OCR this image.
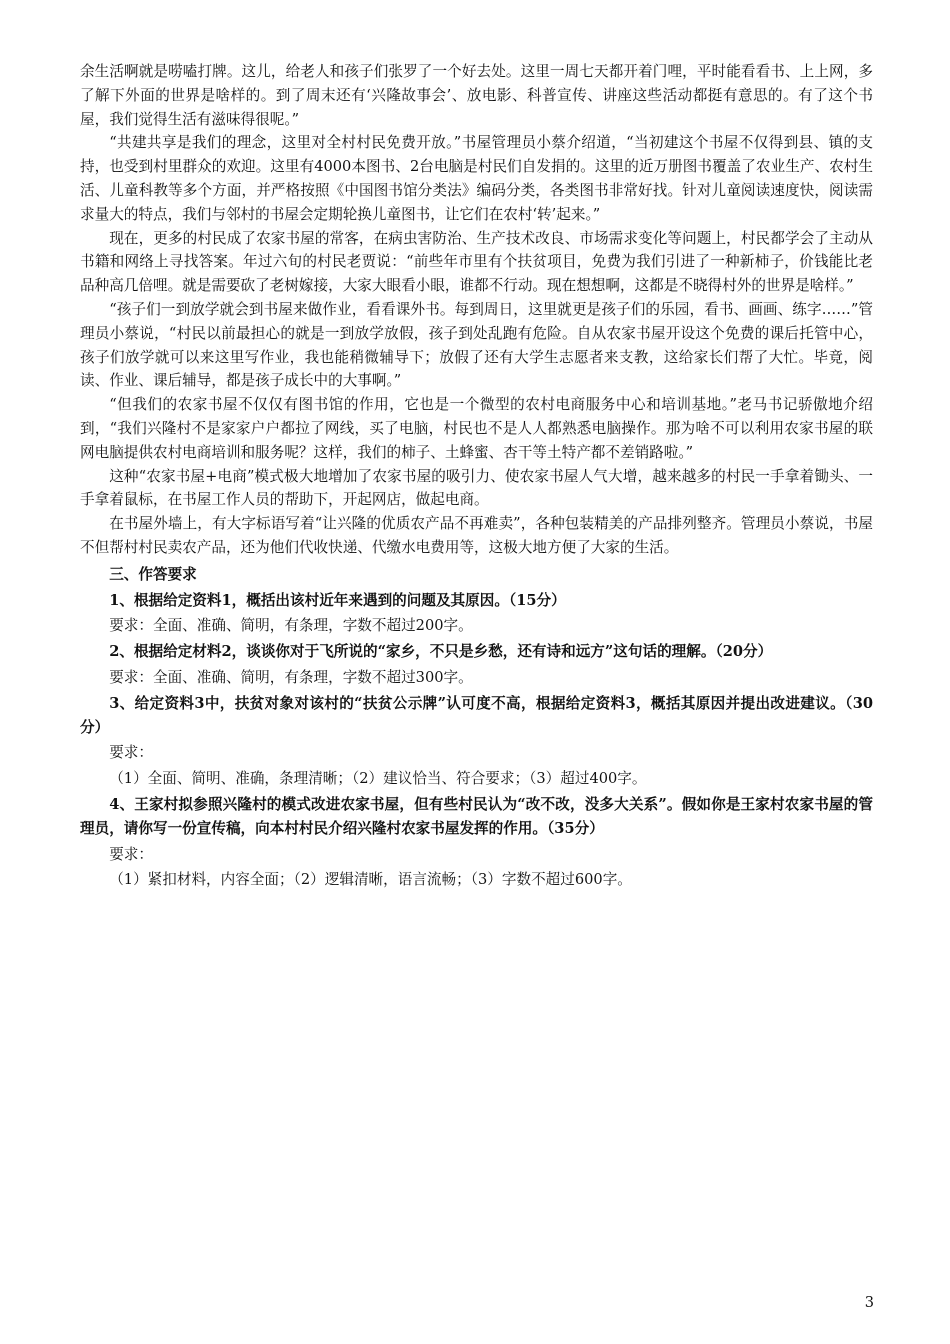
余生活啊就是唠嗑打牌。这儿，给老人和孩子们张罗了一个好去处。这里一周七天都开着门哩，平时能看看书、上上网，多了解下外面的世界是啥样的。到了周末还有‘兴隆故事会’、放电影、科普宣传、讲座这些活动都挺有意思的。有了这个书屋，我们觉得生活有滋味得很呢。”

“共建共享是我们的理念，这里对全村村民免费开放。”书屋管理员小蔡介绍道，“当初建这个书屋不仅得到县、镇的支持，也受到村里群众的欢迎。这里有4000本图书、2台电脑是村民们自发捐的。这里的近万册图书覆盖了农业生产、农村生活、儿童科教等多个方面，并严格按照《中国图书馆分类法》编码分类，各类图书非常好找。针对儿童阅读速度快，阅读需求量大的特点，我们与邻村的书屋会定期轮换儿童图书，让它们在农村‘转’起来。”

现在，更多的村民成了农家书屋的常客，在病虫害防治、生产技术改良、市场需求变化等问题上，村民都学会了主动从书籍和网络上寻找答案。年过六旬的村民老贾说：“前些年市里有个扶贫项目，免费为我们引进了一种新柿子，价钱能比老品种高几倍哩。就是需要砍了老树嫁接，大家大眼看小眼，谁都不行动。现在想想啊，这都是不晓得村外的世界是啥样。”

“孩子们一到放学就会到书屋来做作业，看看课外书。每到周日，这里就更是孩子们的乐园，看书、画画、练字……”管理员小蔡说，“村民以前最担心的就是一到放学放假，孩子到处乱跑有危险。自从农家书屋开设这个免费的课后托管中心，孩子们放学就可以来这里写作业，我也能稍微辅导下；放假了还有大学生志愿者来支教，这给家长们帮了大忙。毕竟，阅读、作业、课后辅导，都是孩子成长中的大事啊。”

“但我们的农家书屋不仅仅有图书馆的作用，它也是一个微型的农村电商服务中心和培训基地。”老马书记骄傲地介绍到，“我们兴隆村不是家家户户都拉了网线，买了电脑，村民也不是人人都熟悉电脑操作。那为啥不可以利用农家书屋的联网电脑提供农村电商培训和服务呢？这样，我们的柿子、土蜂蜜、杏干等土特产都不差销路啦。”

这种“农家书屋+电商”模式极大地增加了农家书屋的吸引力、使农家书屋人气大增，越来越多的村民一手拿着锄头、一手拿着鼠标，在书屋工作人员的帮助下，开起网店，做起电商。

在书屋外墙上，有大字标语写着“让兴隆的优质农产品不再难卖”，各种包装精美的产品排列整齐。管理员小蔡说，书屋不但帮村村民卖农产品，还为他们代收快递、代缴水电费用等，这极大地方便了大家的生活。

三、作答要求

1、根据给定资料1，概括出该村近年来遇到的问题及其原因。（15分）

要求：全面、准确、简明，有条理，字数不超过200字。

2、根据给定材料2，谈谈你对于飞所说的“家乡，不只是乡愁，还有诗和远方”这句话的理解。（20分）

要求：全面、准确、简明，有条理，字数不超过300字。

3、给定资料3中，扶贫对象对该村的“扶贫公示牌”认可度不高，根据给定资料3，概括其原因并提出改进建议。（30分）

要求：

（1）全面、简明、准确，条理清晰；（2）建议恰当、符合要求；（3）超过400字。

4、王家村拟参照兴隆村的模式改进农家书屋，但有些村民认为“改不改，没多大关系”。假如你是王家村农家书屋的管理员，请你写一份宣传稿，向本村村民介绍兴隆村农家书屋发挥的作用。（35分）

要求：

（1）紧扣材料，内容全面；（2）逻辑清晰，语言流畅；（3）字数不超过600字。

3
